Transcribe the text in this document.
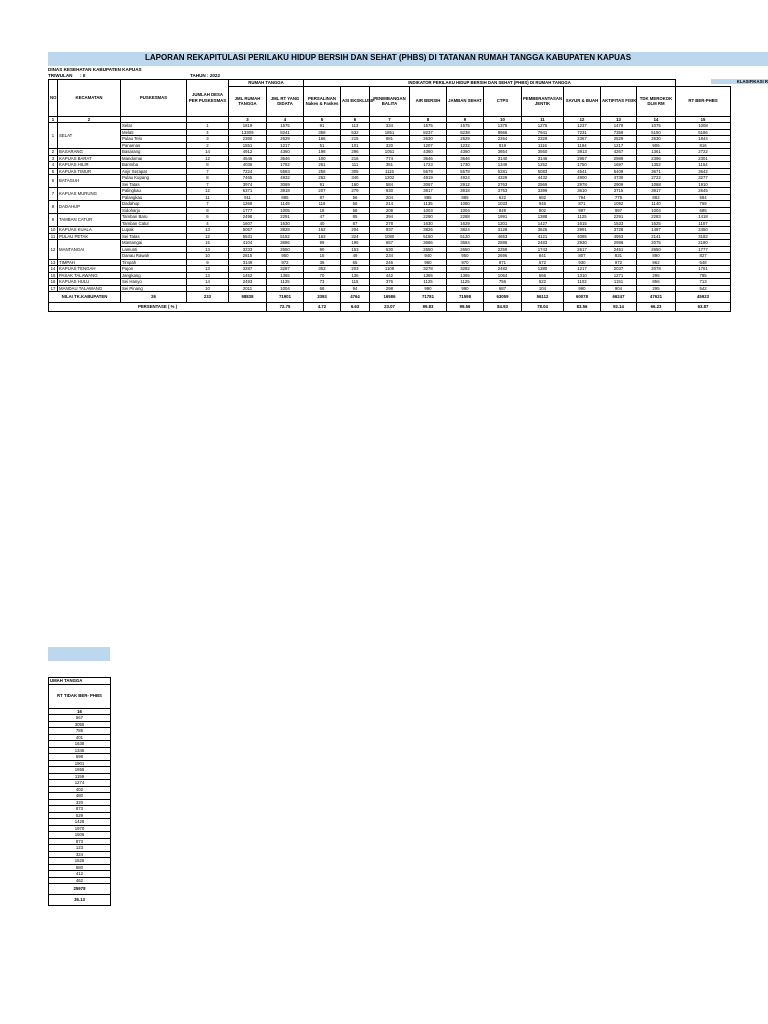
LAPORAN REKAPITULASI PERILAKU HIDUP BERSIH DAN SEHAT (PHBS) DI TATANAN RUMAH TANGGA KABUPATEN KAPUAS
DINAS KESEHATAN KABUPATEN KAPUAS
TRIWULAN : II	TAHUN : 2022
KLASIFIKASI R
NO	KECAMATAN	PUSKESMAS	JUMLAH DESA PER PUSKESMAS	RUMAH TANGGA		INDIKATOR PERILAKU HIDUP BERSIH DAN SEHAT (PHBS) DI RUMAH TANGGA										
				JML RUMAH TANGGA	JML RT YANG DIDATA	PERSALINAN Nakes & Faskes	ASI EKSKLUSIF	PENIMBANGAN BALITA	AIR BERSIH	JAMBAN SEHAT	CTPS	PEMBERANTASAN JENTIK	SAYUR & BUAH	AKTIFITAS FISIK	TDK MEROKOK DLM RM	RT BER-PHBS
1	2			3	4	5	6	7	8	9	10	11	12	13	14	15
1	SELAT	Selat	1	1819	1575	91	113	334	1575	1575	1375	1275	1237	1479	1075	1008
		Melati	4	13309	8241	358	532	1851	8237	8238	8966	7941	7231	7359	5150	5186
		Pulau Telo	3	2360	2629	166	215	681	2630	2629	2264	2329	2367	2529	2630	1844
		Panamas	2	1551	1217	51	101	320	1207	1232	819	1116	1194	1217	906	816
2	BASARANG	Basarang	14	4912	4360	198	296	1051	4360	4360	3854	3560	3913	4267	1361	2722
3	KAPUAS BARAT	Mandomai	12	4546	3646	100	216	774	3646	3646	3140	3146	2957	2989	2396	2301
4	KAPUAS HILIR	Barimba	8	4036	1752	261	111	351	1723	1730	1349	1252	1750	1697	1352	1154
5	KAPUAS TIMUR	Anjir Serapat	7	7224	5583	256	305	1115	5579	5578	5281	5083	4541	5409	3671	3642
6	BATAGUH	Pulau Kupang	8	7465	4932	262	346	1202	4919	4924	4329	4432	4900	4730	2722	3277
		Sei Tatas	7	3974	3069	91	160	584	3067	2912	2763	2569	2978	2909	1068	1910
7	KAPUAS MURUNG	Palingkau	12	6371	3918	207	279	930	3917	3918	3753	3399	3610	3715	3917	2645
		Palangkau	11	911	885	87	56	204	885	885	622	682	784	779	882	594
8	DADAHUP	Dadahup	7	1268	1149	116	56	214	1135	1080	1033	946	871	1092	1140	769
		Sidoharjo	8	1777	1005	18	58	209	1003	1004	849	802	997	997	1004	685
9	TAMBAN CATUR	Tamban Baru	6	2498	2291	47	85	394	2290	2288	1991	1388	1125	2291	2283	1418
		Tamban Catur	4	1607	1630	40	87	278	1630	1629	1201	1427	1615	1533	1625	1107
10	KAPUAS KUALA	Lupak	13	5057	3828	162	204	937	3826	3824	3128	3625	2991	3728	1487	2450
11	PULAU PETAK	Sei Tatas	12	5531	5152	163	324	1080	5150	5120	4653	4121	4095	4953	2141	3182
12	MANTANGAI	Mantangai	15	4104	3686	99	195	657	3686	3684	2886	2483	2930	2986	2075	2180
		Lamunti	13	3233	2650	90	153	530	2650	2650	2259	1743	2617	2451	2650	1777
		Danau Rawah	10	2815	950	15	49	234	940	950	2696	841	807	831	890	827
13	TIMPAH	Timpah	9	3149	972	36	65	246	960	970	871	572	930	972	962	648
14	KAPUAS TENGAH	Pujon	13	3287	3287	353	203	1109	3278	3282	2482	1380	1217	2037	2078	1761
15	PASAK TALAWANG	Jangkang	13	1452	1365	70	135	442	1365	1365	1064	566	1310	1271	295	785
16	KAPUAS HULU	Sei Hanyo	14	2493	1125	73	115	376	1125	1125	756	522	1102	1151	856	713
17	MANDAU TALAWANG	Sei Pinang	10	2011	1004	68	94	298	990	990	687	104	990	904	295	542
NILAI TK.KABUPATEN		26	233	98838	71901	3393	4764	16586	71781	71598	63059	56112	60078	66247	47621	45923
PERSENTASE ( % )					72.75	4.72	6.63	23.07	99.83	99.56	84.93	78.04	83.56	92.14	66.23	63.87
UMAH TANGGA
RT TIDAK BER- PHBS
16
567
3055
785
401
1638
1345
598
1901
1655
1159
1274
402
480
320
873
529
1428
1970
1506
873
123
324
1526
580
412
462
25978
36.13
